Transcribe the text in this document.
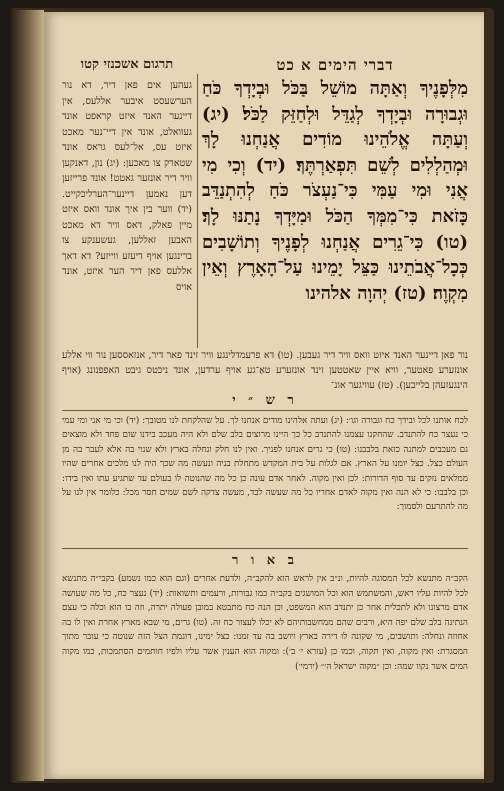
דברי הימים א כט
תרגום אשכנזי קטו
מִלְּפָנֶיךָ וְאַתָּה מוֹשֵׁל בַּכֹּל וּבְיָדְךָ כֹּחַ וּגְבוּרָה וּבְיָדְךָ לְגַדֵּל וּלְחַזֵּק לַכֹּל׃ (יג) וְעַתָּה אֱלֹהֵינוּ מוֹדִים אֲנַחְנוּ לָךְ וּמְהַלְלִים לְשֵׁם תִּפְאַרְתֶּךָ׃ (יד) וְכִי מִי אֲנִי וּמִי עַמִּי כִּי־נַעְצֹר כֹּחַ לְהִתְנַדֵּב כָּזֹאת כִּי־מִמְּךָ הַכֹּל וּמִיָּדְךָ נָתַנּוּ לָךְ׃ (טו) כִּי־גֵרִים אֲנַחְנוּ לְפָנֶיךָ וְתוֹשָׁבִים כְּכָל־אֲבֹתֵינוּ כַּצֵּל יָמֵינוּ עַל־הָאָרֶץ וְאֵין מִקְוֶה׃ (טז) יְהוָה אלהינו
געהען אים פאן דיר, דא נור הערשעסט איבער אללעס, אין דיינער האנד איזט קראפט אונד געוואלט, אונד אין דיי־נער מאכט איזט עס, אל־לעס גראס אונד שטארק צו מאכען: (יג) נון, דאנקען וויר דיר אונזער גאטט! אונד פרייזען דען נאמען דיינער־הערליכקייט. (יד) ווער בין איך אונד וואס איזט מיין פאלק, דאס וויר דא מאכט האבען זאללען, געשענקע צו ברינגען אויף דיעזע ווייזע? דא דאך אללעס פאן דיר הער איזט, אונד אויס
נור פאן דיינער האנד איזט וואס וויר דיר געבען. (טו) דא פרעמדלינגע וויר זינד פאר דיר, אנזאססען נור ווי אללע אונזערע פאטער, וויא איין שאטטען זינד אונזערע טאַ־גע אויף ערדען, אונד ניכטס גיבט האפפנונג (אויף הינגעזעהן בלייבען). (טז) עוויגער אונ־
ר ש ״ י
לכח אותנו לכל ובידך כח וגבורה וגו׳: (יג) ועתה אלהינו מודים אנחנו לך. על שהלקחת לנו מטובך: (יד) וכי מי אני ומי עמי כי נעצר כח להתנדב. שהחקנו עצמנו להתנדב כל כך היינו מרוצים בלב שלם ולא היה מעכב בידנו שום פחד ולא מוצאים גם מעכבים למתנה כזאת בלבבנו: (טו) כי גרים אנחנו לפניך. ואין לנו חלק ונחלה בארץ ולא שנוי בה אלא לעבר בה מן העולם כצל. כצל יומנו על הארץ. אם לגלות על בית המקדש מתחלת בניה ונעשה מה שכך היה לנו מלכים אחרים שהיו ממלאים נזקים עד סוף הדורות: לכן ואין מקוה. לאחר אדם עונה כן כל מה שהנוטה לו בעולם עד שתגיע עתו ואין בידו: וכן בלבבו: כי לא הנה ואין מקוה לאדם אחריו כל מה שעשה לבד, מעשה צדקה לשם שמים חסר מכל: כלומר אין לנו על מה להתרעם ולסמוך:
ב א ו ר
הקב״ה מתנשא לכל המסוגה להיות, ונ״ב אין לראש הוא להקב״ה, ולדעת אחרים (וגם הוא כמו נשמע) בקבי״ה מתנשא לכל להיות עליו ראש, והמשתמש הוא וכל המושגים בקב״ה כמו גבורות, ורעמים ותשואות: (יד) נעצר כח, כל מה שעושה אדם מרצונו ולא לתכלית אחר כן יתנדב הוא המשפט, וכן הנה כח מתבטא במובן פעולה יתרה, וזה בו הוא וכלה כי עצם הנתינה בלב שלם יפה היא, ורבים שהם ממחשבותיהם לא יכלו לעצור כח זה. (טו) גרים, מי שבא מארץ אחרת ואין לו בה אחוזה ונחלה: ותושבים, מי שקונה לו דירה בארץ ויושב בה עד זמנו: כצל ימינו, דוגמת הצל הזה שנוטה כי עובר מתוך המסגרת: ואין מקוה, ואין תקוה, וכמו כן (עזרא י׳ ב׳): ומקוה הוא הענין אשר עליו ולפיו חותמים הסתמכות, כמו מקוה המים אשר נקוו שמה: וכן ״מקוה ישראל ה׳״ (ירמי׳)
